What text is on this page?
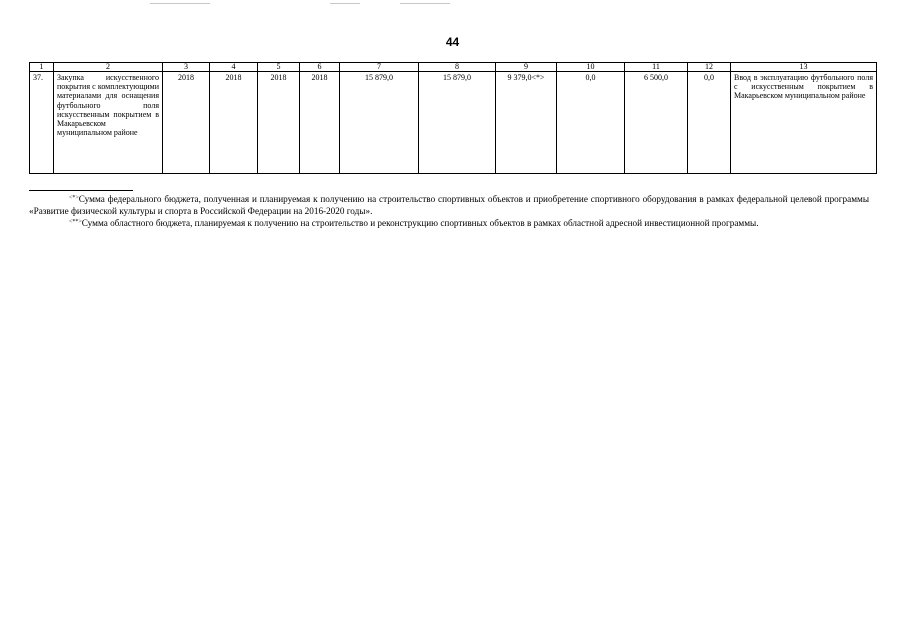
44
1	2	3	4	5	6	7	8	9	10	11	12	13
37.	Закупка искусственного покрытия с комплектующими материалами для оснащения футбольного поля искусственным покрытием в Макарьевском муниципальном районе	2018	2018	2018	2018	15 879,0	15 879,0	9 379,0<*>	0,0	6 500,0	0,0	Ввод в эксплуатацию футбольного поля с искусственным покрытием в Макарьевском муниципальном районе

<*>Сумма федерального бюджета, полученная и планируемая к получению на строительство спортивных объектов и приобретение спортивного оборудования в рамках федеральной целевой программы «Развитие физической культуры и спорта в Российской Федерации на 2016-2020 годы».

<**>Сумма областного бюджета, планируемая к получению на строительство и реконструкцию спортивных объектов в рамках областной адресной инвестиционной программы.
